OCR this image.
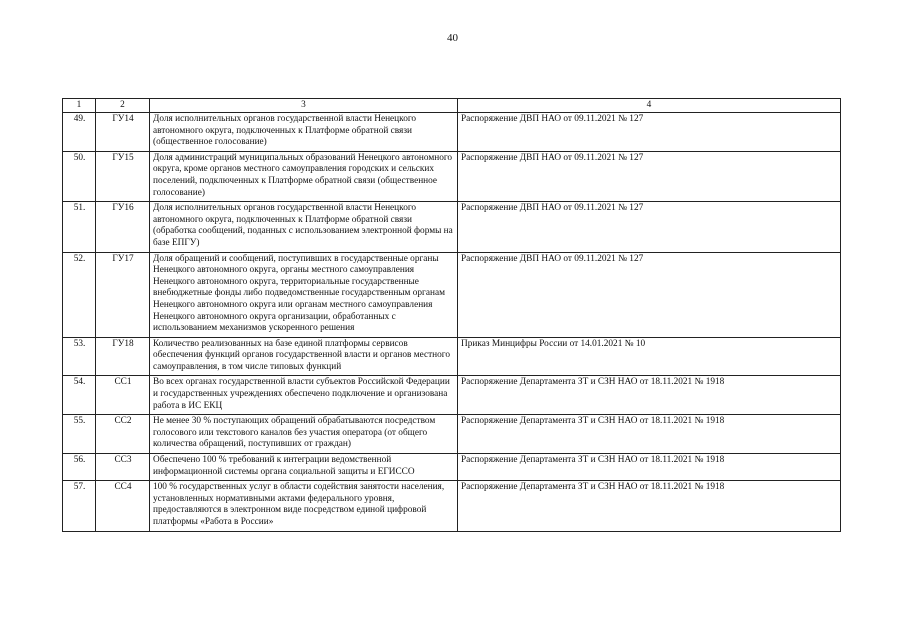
40
1	2	3	4
49.	ГУ14	Доля исполнительных органов государственной власти Ненецкого автономного округа, подключенных к Платформе обратной связи (общественное голосование)	Распоряжение ДВП НАО от 09.11.2021 № 127
50.	ГУ15	Доля администраций муниципальных образований Ненецкого автономного округа, кроме органов местного самоуправления городских и сельских поселений, подключенных к Платформе обратной связи (общественное голосование)	Распоряжение ДВП НАО от 09.11.2021 № 127
51.	ГУ16	Доля исполнительных органов государственной власти Ненецкого автономного округа, подключенных к Платформе обратной связи (обработка сообщений, поданных с использованием электронной формы на базе ЕПГУ)	Распоряжение ДВП НАО от 09.11.2021 № 127
52.	ГУ17	Доля обращений и сообщений, поступивших в государственные органы Ненецкого автономного округа, органы местного самоуправления Ненецкого автономного округа, территориальные государственные внебюджетные фонды либо подведомственные государственным органам Ненецкого автономного округа или органам местного самоуправления Ненецкого автономного округа организации, обработанных с использованием механизмов ускоренного решения	Распоряжение ДВП НАО от 09.11.2021 № 127
53.	ГУ18	Количество реализованных на базе единой платформы сервисов обеспечения функций органов государственной власти и органов местного самоуправления, в том числе типовых функций	Приказ Минцифры России от 14.01.2021 № 10
54.	СС1	Во всех органах государственной власти субъектов Российской Федерации и государственных учреждениях обеспечено подключение и организована работа в ИС ЕКЦ	Распоряжение Департамента ЗТ и СЗН НАО от 18.11.2021 № 1918
55.	СС2	Не менее 30 % поступающих обращений обрабатываются посредством голосового или текстового каналов без участия оператора (от общего количества обращений, поступивших от граждан)	Распоряжение Департамента ЗТ и СЗН НАО от 18.11.2021 № 1918
56.	СС3	Обеспечено 100 % требований к интеграции ведомственной информационной системы органа социальной защиты и ЕГИССО	Распоряжение Департамента ЗТ и СЗН НАО от 18.11.2021 № 1918
57.	СС4	100 % государственных услуг в области содействия занятости населения, установленных нормативными актами федерального уровня, предоставляются в электронном виде посредством единой цифровой платформы «Работа в России»	Распоряжение Департамента ЗТ и СЗН НАО от 18.11.2021 № 1918
